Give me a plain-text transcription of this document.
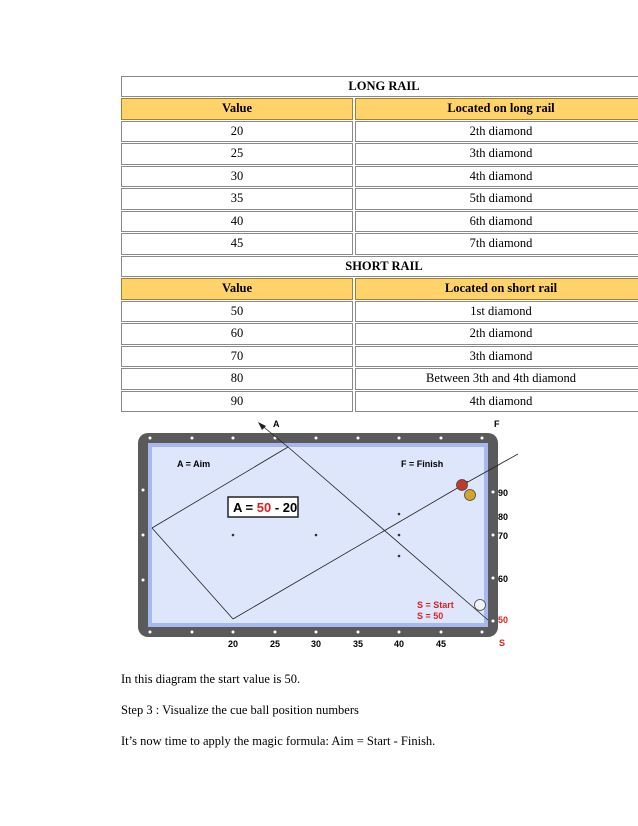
LONG RAIL
Value	Located on long rail
20	2th diamond
25	3th diamond
30	4th diamond
35	5th diamond
40	6th diamond
45	7th diamond
SHORT RAIL
Value	Located on short rail
50	1st diamond
60	2th diamond
70	3th diamond
80	Between 3th and 4th diamond
90	4th diamond
A = 50 - 20
A = Aim	F = Finish
S = Start
S = 50
A	F
S
20	25	30	35	40	45
90
80
70
60
50
In this diagram the start value is 50.
Step 3 : Visualize the cue ball position numbers
It’s now time to apply the magic formula: Aim = Start - Finish.
